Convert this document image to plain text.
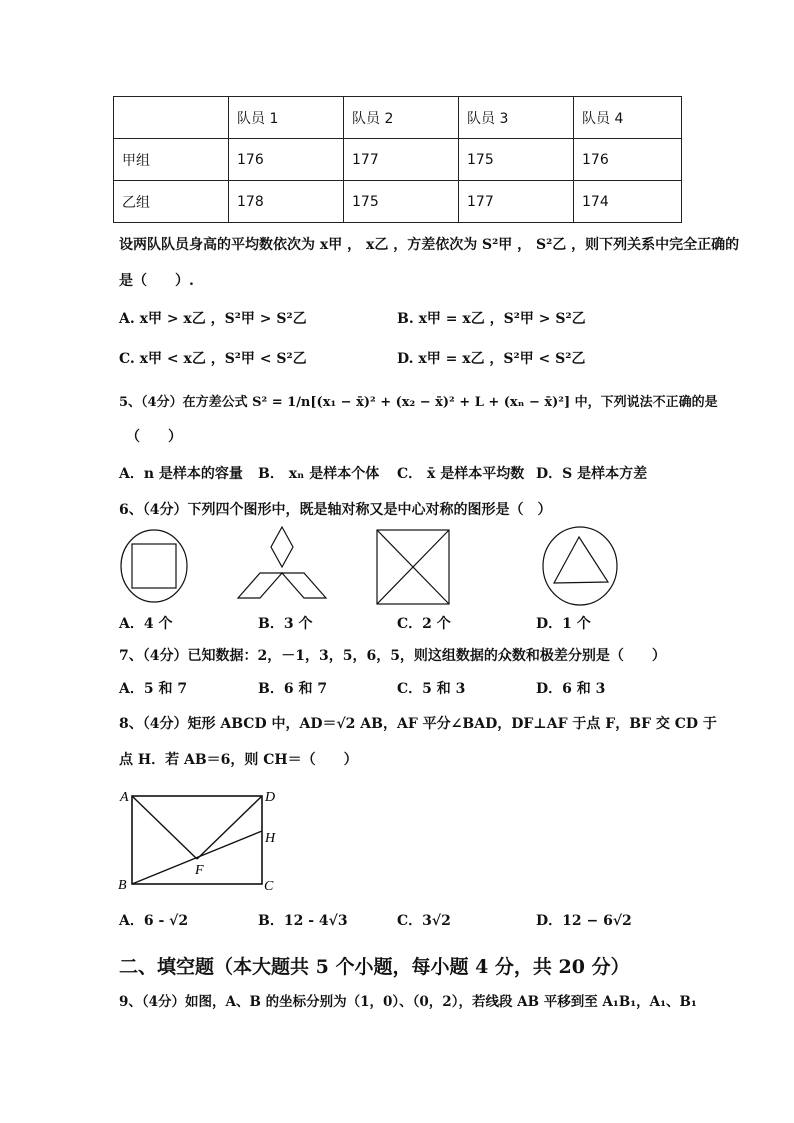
	队员 1	队员 2	队员 3	队员 4
甲组	176	177	175	176
乙组	178	175	177	174
设两队队员身高的平均数依次为 x甲 ， x乙 ，方差依次为 S²甲 ， S²乙 ，则下列关系中完全正确的
是（　　）.
A. x甲 > x乙 ，S²甲 > S²乙	B. x甲 = x乙 ，S²甲 > S²乙
C. x甲 < x乙 ，S²甲 < S²乙	D. x甲 = x乙 ，S²甲 < S²乙
5、（4分）在方差公式 S² = 1/n[(x₁ − x̄)² + (x₂ − x̄)² + L + (xₙ − x̄)²] 中，下列说法不正确的是
（　　）
A．n 是样本的容量 B． xₙ 是样本个体 C． x̄ 是样本平均数 D．S 是样本方差
6、（4分）下列四个图形中，既是轴对称又是中心对称的图形是（　）
A．4 个	B．3 个	C．2 个	D．1 个
7、（4分）已知数据：2，－1，3，5，6，5，则这组数据的众数和极差分别是（　　）
A．5 和 7	B．6 和 7	C．5 和 3	D．6 和 3
8、（4分）矩形 ABCD 中，AD＝√2 AB，AF 平分∠BAD，DF⊥AF 于点 F，BF 交 CD 于
点 H．若 AB＝6，则 CH＝（　　）
A
B	C
D
F
H
A．6 - √2	B．12 - 4√3	C．3√2	D．12 − 6√2
二、填空题（本大题共 5 个小题，每小题 4 分，共 20 分）
9、（4分）如图，A、B 的坐标分别为（1，0）、（0，2），若线段 AB 平移到至 A₁B₁，A₁、B₁
